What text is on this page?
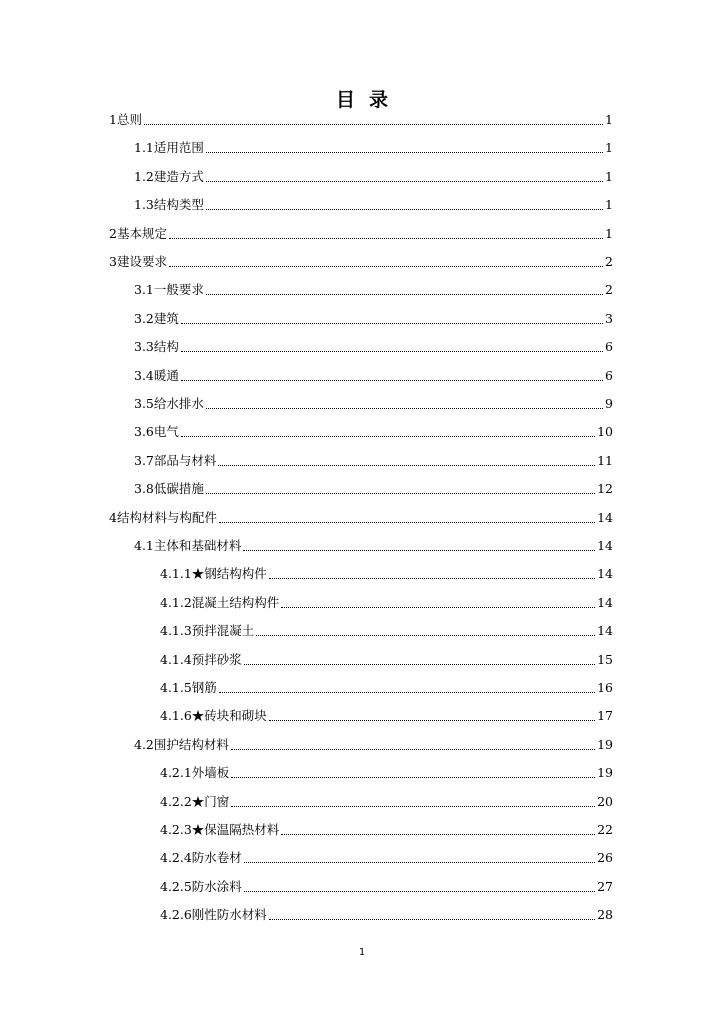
目录
1总则	1
1.1适用范围	1
1.2建造方式	1
1.3结构类型	1
2基本规定	1
3建设要求	2
3.1一般要求	2
3.2建筑	3
3.3结构	6
3.4暖通	6
3.5给水排水	9
3.6电气	10
3.7部品与材料	11
3.8低碳措施	12
4结构材料与构配件	14
4.1主体和基础材料	14
4.1.1★钢结构构件	14
4.1.2混凝土结构构件	14
4.1.3预拌混凝土	14
4.1.4预拌砂浆	15
4.1.5钢筋	16
4.1.6★砖块和砌块	17
4.2围护结构材料	19
4.2.1外墙板	19
4.2.2★门窗	20
4.2.3★保温隔热材料	22
4.2.4防水卷材	26
4.2.5防水涂料	27
4.2.6刚性防水材料	28
1
